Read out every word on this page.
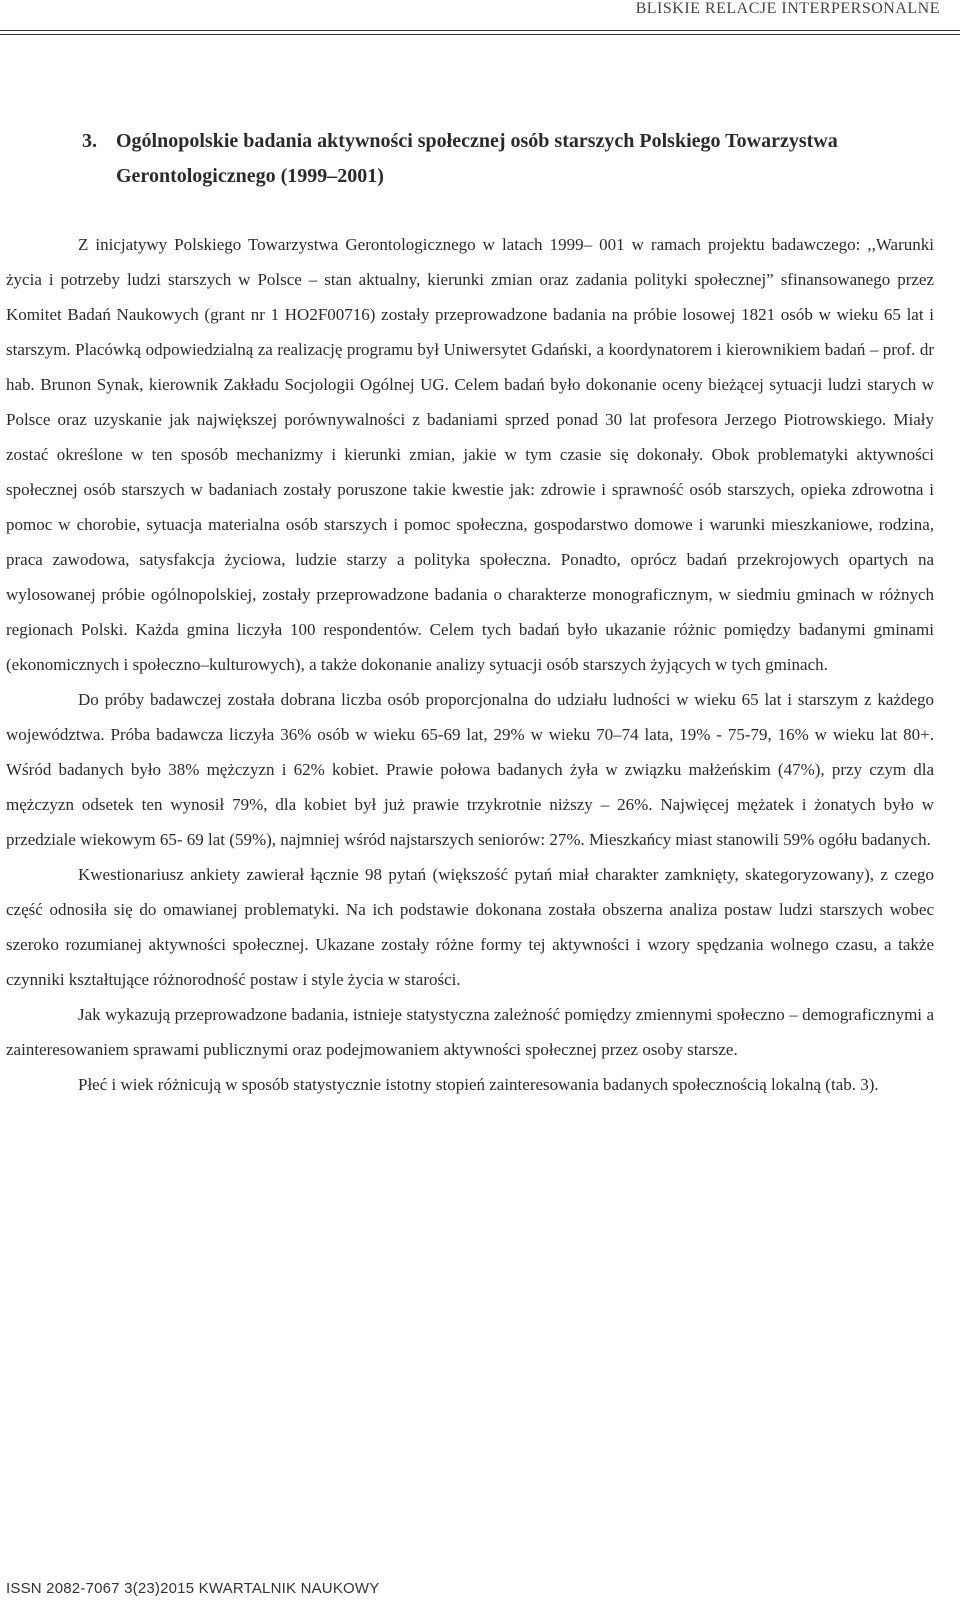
BLISKIE RELACJE INTERPERSONALNE
3. Ogólnopolskie badania aktywności społecznej osób starszych Polskiego Towarzystwa Gerontologicznego (1999–2001)

Z inicjatywy Polskiego Towarzystwa Gerontologicznego w latach 1999– 001 w ramach projektu badawczego: ,,Warunki życia i potrzeby ludzi starszych w Polsce – stan aktualny, kierunki zmian oraz zadania polityki społecznej” sfinansowanego przez Komitet Badań Naukowych (grant nr 1 HO2F00716) zostały przeprowadzone badania na próbie losowej 1821 osób w wieku 65 lat i starszym. Placówką odpowiedzialną za realizację programu był Uniwersytet Gdański, a koordynatorem i kierownikiem badań – prof. dr hab. Brunon Synak, kierownik Zakładu Socjologii Ogólnej UG. Celem badań było dokonanie oceny bieżącej sytuacji ludzi starych w Polsce oraz uzyskanie jak największej porównywalności z badaniami sprzed ponad 30 lat profesora Jerzego Piotrowskiego. Miały zostać określone w ten sposób mechanizmy i kierunki zmian, jakie w tym czasie się dokonały. Obok problematyki aktywności społecznej osób starszych w badaniach zostały poruszone takie kwestie jak: zdrowie i sprawność osób starszych, opieka zdrowotna i pomoc w chorobie, sytuacja materialna osób starszych i pomoc społeczna, gospodarstwo domowe i warunki mieszkaniowe, rodzina, praca zawodowa, satysfakcja życiowa, ludzie starzy a polityka społeczna. Ponadto, oprócz badań przekrojowych opartych na wylosowanej próbie ogólnopolskiej, zostały przeprowadzone badania o charakterze monograficznym, w siedmiu gminach w różnych regionach Polski. Każda gmina liczyła 100 respondentów. Celem tych badań było ukazanie różnic pomiędzy badanymi gminami (ekonomicznych i społeczno–kulturowych), a także dokonanie analizy sytuacji osób starszych żyjących w tych gminach.

Do próby badawczej została dobrana liczba osób proporcjonalna do udziału ludności w wieku 65 lat i starszym z każdego województwa. Próba badawcza liczyła 36% osób w wieku 65-69 lat, 29% w wieku 70–74 lata, 19% - 75-79, 16% w wieku lat 80+. Wśród badanych było 38% mężczyzn i 62% kobiet. Prawie połowa badanych żyła w związku małżeńskim (47%), przy czym dla mężczyzn odsetek ten wynosił 79%, dla kobiet był już prawie trzykrotnie niższy – 26%. Najwięcej mężatek i żonatych było w przedziale wiekowym 65- 69 lat (59%), najmniej wśród najstarszych seniorów: 27%. Mieszkańcy miast stanowili 59% ogółu badanych.

Kwestionariusz ankiety zawierał łącznie 98 pytań (większość pytań miał charakter zamknięty, skategoryzowany), z czego część odnosiła się do omawianej problematyki. Na ich podstawie dokonana została obszerna analiza postaw ludzi starszych wobec szeroko rozumianej aktywności społecznej. Ukazane zostały różne formy tej aktywności i wzory spędzania wolnego czasu, a także czynniki kształtujące różnorodność postaw i style życia w starości.

Jak wykazują przeprowadzone badania, istnieje statystyczna zależność pomiędzy zmiennymi społeczno – demograficznymi a zainteresowaniem sprawami publicznymi oraz podejmowaniem aktywności społecznej przez osoby starsze.

Płeć i wiek różnicują w sposób statystycznie istotny stopień zainteresowania badanych społecznością lokalną (tab. 3).

ISSN 2082-7067 3(23)2015 KWARTALNIK NAUKOWY
